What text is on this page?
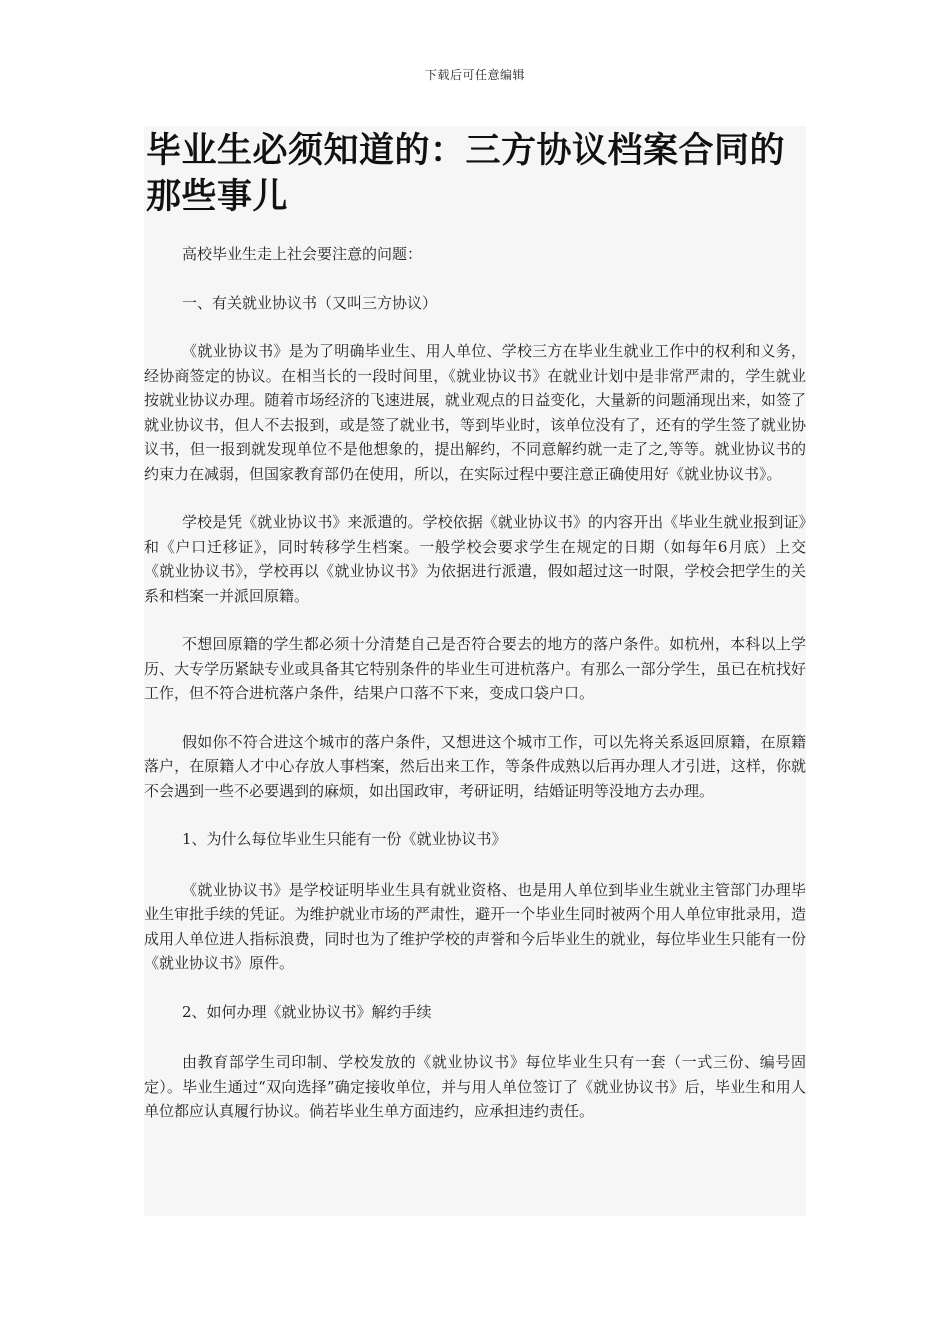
下载后可任意编辑
毕业生必须知道的：三方协议档案合同的那些事儿

高校毕业生走上社会要注意的问题：

一、有关就业协议书（又叫三方协议）

《就业协议书》是为了明确毕业生、用人单位、学校三方在毕业生就业工作中的权利和义务，经协商签定的协议。在相当长的一段时间里，《就业协议书》在就业计划中是非常严肃的，学生就业按就业协议办理。随着市场经济的飞速进展，就业观点的日益变化，大量新的问题涌现出来，如签了就业协议书，但人不去报到，或是签了就业书，等到毕业时，该单位没有了，还有的学生签了就业协议书，但一报到就发现单位不是他想象的，提出解约，不同意解约就一走了之,等等。就业协议书的约束力在减弱，但国家教育部仍在使用，所以，在实际过程中要注意正确使用好《就业协议书》。

学校是凭《就业协议书》来派遣的。学校依据《就业协议书》的内容开出《毕业生就业报到证》和《户口迁移证》，同时转移学生档案。一般学校会要求学生在规定的日期（如每年6月底）上交《就业协议书》，学校再以《就业协议书》为依据进行派遣，假如超过这一时限，学校会把学生的关系和档案一并派回原籍。

不想回原籍的学生都必须十分清楚自己是否符合要去的地方的落户条件。如杭州，本科以上学历、大专学历紧缺专业或具备其它特别条件的毕业生可进杭落户。有那么一部分学生，虽已在杭找好工作，但不符合进杭落户条件，结果户口落不下来，变成口袋户口。

假如你不符合进这个城市的落户条件，又想进这个城市工作，可以先将关系返回原籍，在原籍落户，在原籍人才中心存放人事档案，然后出来工作，等条件成熟以后再办理人才引进，这样，你就不会遇到一些不必要遇到的麻烦，如出国政审，考研证明，结婚证明等没地方去办理。

1、为什么每位毕业生只能有一份《就业协议书》

《就业协议书》是学校证明毕业生具有就业资格、也是用人单位到毕业生就业主管部门办理毕业生审批手续的凭证。为维护就业市场的严肃性，避开一个毕业生同时被两个用人单位审批录用，造成用人单位进人指标浪费，同时也为了维护学校的声誉和今后毕业生的就业，每位毕业生只能有一份《就业协议书》原件。

2、如何办理《就业协议书》解约手续

由教育部学生司印制、学校发放的《就业协议书》每位毕业生只有一套（一式三份、编号固定）。毕业生通过“双向选择”确定接收单位，并与用人单位签订了《就业协议书》后，毕业生和用人单位都应认真履行协议。倘若毕业生单方面违约，应承担违约责任。
